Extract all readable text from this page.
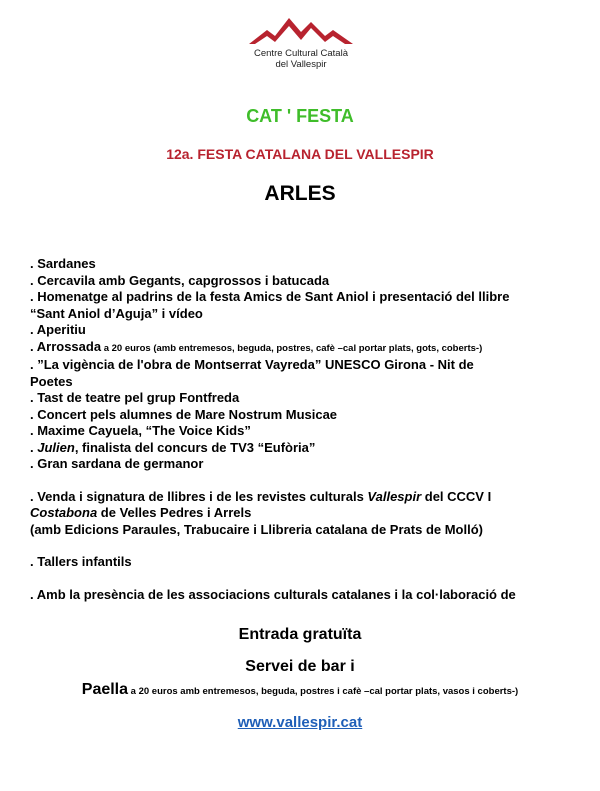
Centre Cultural Català
del Vallespir
CAT ' FESTA
12a. FESTA CATALANA DEL VALLESPIR
ARLES
. Sardanes
. Cercavila amb Gegants, capgrossos i batucada
. Homenatge al padrins de la festa Amics de Sant Aniol i presentació del llibre
“Sant Aniol d’Aguja” i vídeo
. Aperitiu
. Arrossada a 20 euros (amb entremesos, beguda, postres, cafè –cal portar plats, gots, coberts-)
. ”La vigència de l'obra de Montserrat Vayreda” UNESCO Girona - Nit de
Poetes
. Tast de teatre pel grup Fontfreda
. Concert pels alumnes de Mare Nostrum Musicae
. Maxime Cayuela, “The Voice Kids”
. Julien, finalista del concurs de TV3 “Eufòria”
. Gran sardana de germanor
. Venda i signatura de llibres i de les revistes culturals Vallespir del CCCV I
Costabona de Velles Pedres i Arrels
(amb Edicions Paraules, Trabucaire i Llibreria catalana de Prats de Molló)
. Tallers infantils
. Amb la presència de les associacions culturals catalanes i la col·laboració de
Entrada gratuïta
Servei de bar i
Paella a 20 euros amb entremesos, beguda, postres i cafè –cal portar plats, vasos i coberts-)
www.vallespir.cat
